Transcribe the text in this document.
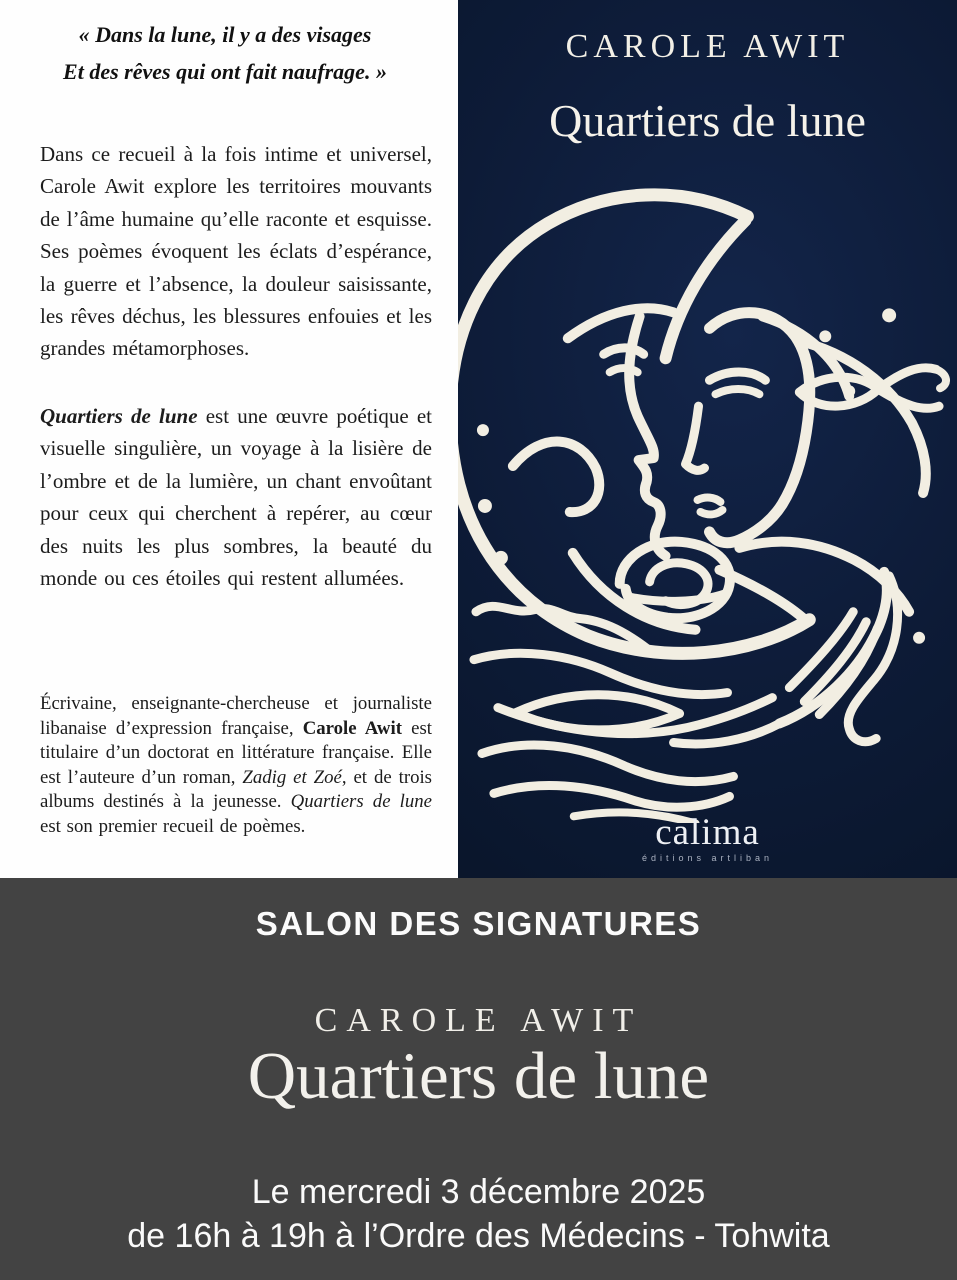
« Dans la lune, il y a des visages
Et des rêves qui ont fait naufrage. »

Dans ce recueil à la fois intime et universel, Carole Awit explore les territoires mouvants de l’âme humaine qu’elle raconte et esquisse. Ses poèmes évoquent les éclats d’espérance, la guerre et l’absence, la douleur saisissante, les rêves déchus, les blessures enfouies et les grandes métamorphoses.

Quartiers de lune est une œuvre poétique et visuelle singulière, un voyage à la lisière de l’ombre et de la lumière, un chant envoûtant pour ceux qui cherchent à repérer, au cœur des nuits les plus sombres, la beauté du monde ou ces étoiles qui restent allumées.

Écrivaine, enseignante-chercheuse et journaliste libanaise d’expression française, Carole Awit est titulaire d’un doctorat en littérature française. Elle est l’auteure d’un roman, Zadig et Zoé, et de trois albums destinés à la jeunesse. Quartiers de lune est son premier recueil de poèmes.

CAROLE AWIT
Quartiers de lune
calima
éditions artliban
SALON DES SIGNATURES
CAROLE AWIT
Quartiers de lune
Le mercredi 3 décembre 2025
de 16h à 19h à l’Ordre des Médecins - Tohwita
